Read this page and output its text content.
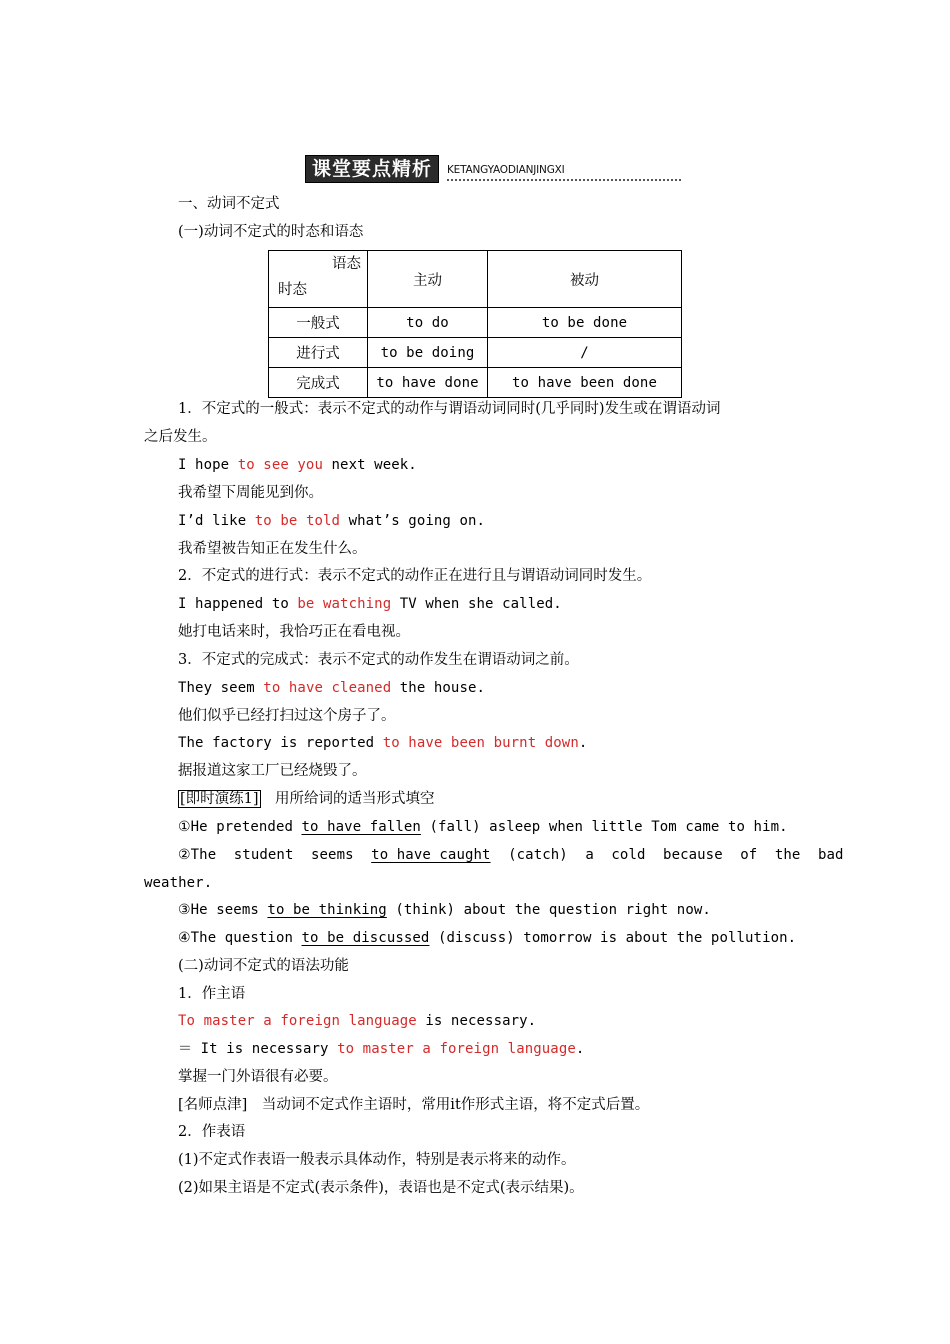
课堂要点精析	KETANGYAODIANJINGXI
一、动词不定式
(一)动词不定式的时态和语态
语态
时态	主动	被动
一般式	to do	to be done
进行式	to be doing	/
完成式	to have done	to have been done
1．不定式的一般式：表示不定式的动作与谓语动词同时(几乎同时)发生或在谓语动词
之后发生。
I hope to see you next week.
我希望下周能见到你。
I’d like to be told what’s going on.
我希望被告知正在发生什么。
2．不定式的进行式：表示不定式的动作正在进行且与谓语动词同时发生。
I happened to be watching TV when she called.
她打电话来时，我恰巧正在看电视。
3．不定式的完成式：表示不定式的动作发生在谓语动词之前。
They seem to have cleaned the house.
他们似乎已经打扫过这个房子了。
The factory is reported to have been burnt down.
据报道这家工厂已经烧毁了。
[即时演练1]　 用所给词的适当形式填空
①He pretended to have fallen (fall) asleep when little Tom came to him.
②The student seems to have caught (catch) a cold because of the bad
weather.
③He seems to be thinking (think) about the question right now.
④The question to be discussed (discuss) tomorrow is about the pollution.
(二)动词不定式的语法功能
1．作主语
To master a foreign language is necessary.
＝ It is necessary to master a foreign language.
掌握一门外语很有必要。
[名师点津]　当动词不定式作主语时，常用it作形式主语，将不定式后置。
2．作表语
(1)不定式作表语一般表示具体动作，特别是表示将来的动作。
(2)如果主语是不定式(表示条件)，表语也是不定式(表示结果)。
